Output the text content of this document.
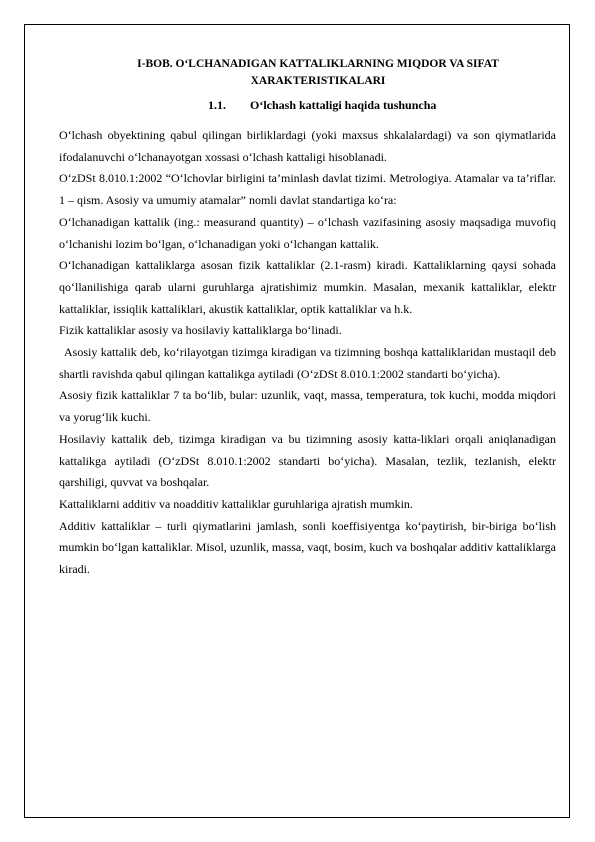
I-BOB. O‘LCHANADIGAN KATTALIKLARNING MIQDOR VA SIFAT
XARAKTERISTIKALARI
1.1. O‘lchash kattaligi haqida tushuncha

O‘lchash obyektining qabul qilingan birliklardagi (yoki maxsus shkalalardagi) va son qiymatlarida ifodalanuvchi o‘lchanayotgan xossasi o‘lchash kattaligi hisoblanadi.

O‘zDSt 8.010.1:2002 “O‘lchovlar birligini ta’minlash davlat tizimi. Metrologiya. Atamalar va ta’riflar. 1 – qism. Asosiy va umumiy atamalar” nomli davlat standartiga ko‘ra:

O‘lchanadigan kattalik (ing.: measurand quantity) – o‘lchash vazifasining asosiy maqsadiga muvofiq o‘lchanishi lozim bo‘lgan, o‘lchanadigan yoki o‘lchangan kattalik.

O‘lchanadigan kattaliklarga asosan fizik kattaliklar (2.1-rasm) kiradi. Kattaliklarning qaysi sohada qo‘llanilishiga qarab ularni guruhlarga ajratishimiz mumkin. Masalan, mexanik kattaliklar, elektr kattaliklar, issiqlik kattaliklari, akustik kattaliklar, optik kattaliklar va h.k.

Fizik kattaliklar asosiy va hosilaviy kattaliklarga bo‘linadi.

Asosiy kattalik deb, ko‘rilayotgan tizimga kiradigan va tizimning boshqa kattaliklaridan mustaqil deb shartli ravishda qabul qilingan kattalikga aytiladi (O‘zDSt 8.010.1:2002 standarti bo‘yicha).

Asosiy fizik kattaliklar 7 ta bo‘lib, bular: uzunlik, vaqt, massa, temperatura, tok kuchi, modda miqdori va yorug‘lik kuchi.

Hosilaviy kattalik deb, tizimga kiradigan va bu tizimning asosiy katta-liklari orqali aniqlanadigan kattalikga aytiladi (O‘zDSt 8.010.1:2002 standarti bo‘yicha). Masalan, tezlik, tezlanish, elektr qarshiligi, quvvat va boshqalar.

Kattaliklarni additiv va noadditiv kattaliklar guruhlariga ajratish mumkin.

Additiv kattaliklar – turli qiymatlarini jamlash, sonli koeffisiyentga ko‘paytirish, bir-biriga bo‘lish mumkin bo‘lgan kattaliklar. Misol, uzunlik, massa, vaqt, bosim, kuch va boshqalar additiv kattaliklarga kiradi.
